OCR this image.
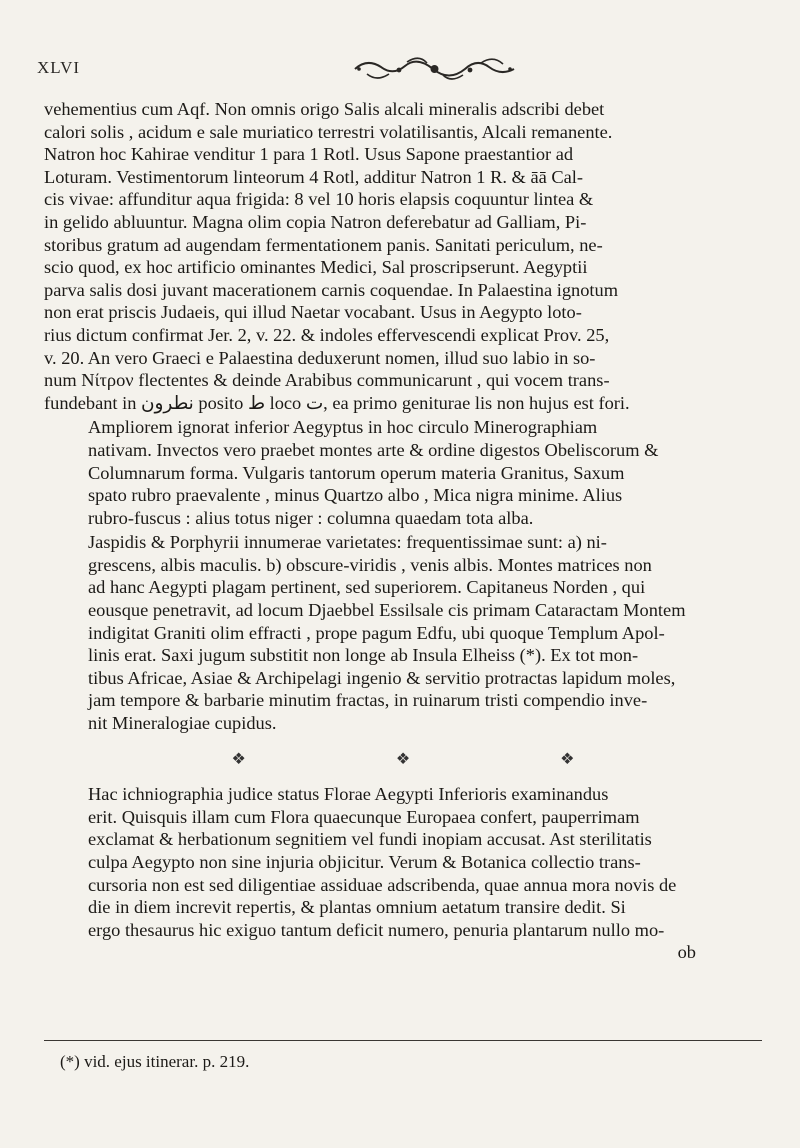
XLVI

vehementius cum Aqf. Non omnis origo Salis alcali mineralis adscribi debet
calori solis , acidum e sale muriatico terrestri volatilisantis, Alcali remanente.
Natron hoc Kahirae venditur 1 para 1 Rotl. Usus Sapone praestantior ad
Loturam. Vestimentorum linteorum 4 Rotl, additur Natron 1 R. & āā Cal-
cis vivae: affunditur aqua frigida: 8 vel 10 horis elapsis coquuntur lintea &
in gelido abluuntur. Magna olim copia Natron deferebatur ad Galliam, Pi-
storibus gratum ad augendam fermentationem panis. Sanitati periculum, ne-
scio quod, ex hoc artificio ominantes Medici, Sal proscripserunt. Aegyptii
parva salis dosi juvant macerationem carnis coquendae. In Palaestina ignotum
non erat priscis Judaeis, qui illud Naetar vocabant. Usus in Aegypto loto-
rius dictum confirmat Jer. 2, v. 22. & indoles effervescendi explicat Prov. 25,
v. 20. An vero Graeci e Palaestina deduxerunt nomen, illud suo labio in so-
num Νίτρον flectentes & deinde Arabibus communicarunt , qui vocem trans-
fundebant in نطرون posito ط loco ت, ea primo geniturae lis non hujus est fori.

Ampliorem ignorat inferior Aegyptus in hoc circulo Minerographiam
nativam. Invectos vero praebet montes arte & ordine digestos Obeliscorum &
Columnarum forma. Vulgaris tantorum operum materia Granitus, Saxum
spato rubro praevalente , minus Quartzo albo , Mica nigra minime. Alius
rubro-fuscus : alius totus niger : columna quaedam tota alba.

Jaspidis & Porphyrii innumerae varietates: frequentissimae sunt: a) ni-
grescens, albis maculis. b) obscure-viridis , venis albis. Montes matrices non
ad hanc Aegypti plagam pertinent, sed superiorem. Capitaneus Norden , qui
eousque penetravit, ad locum Djaebbel Essilsale cis primam Cataractam Montem
indigitat Graniti olim effracti , prope pagum Edfu, ubi quoque Templum Apol-
linis erat. Saxi jugum substitit non longe ab Insula Elheiss (*). Ex tot mon-
tibus Africae, Asiae & Archipelagi ingenio & servitio protractas lapidum moles,
jam tempore & barbarie minutim fractas, in ruinarum tristi compendio inve-
nit Mineralogiae cupidus.

❖	❖	❖

Hac ichniographia judice status Florae Aegypti Inferioris examinandus
erit. Quisquis illam cum Flora quaecunque Europaea confert, pauperrimam
exclamat & herbationum segnitiem vel fundi inopiam accusat. Ast sterilitatis
culpa Aegypto non sine injuria objicitur. Verum & Botanica collectio trans-
cursoria non est sed diligentiae assiduae adscribenda, quae annua mora novis de
die in diem increvit repertis, & plantas omnium aetatum transire dedit. Si
ergo thesaurus hic exiguo tantum deficit numero, penuria plantarum nullo mo-

ob
(*) vid. ejus itinerar. p. 219.
